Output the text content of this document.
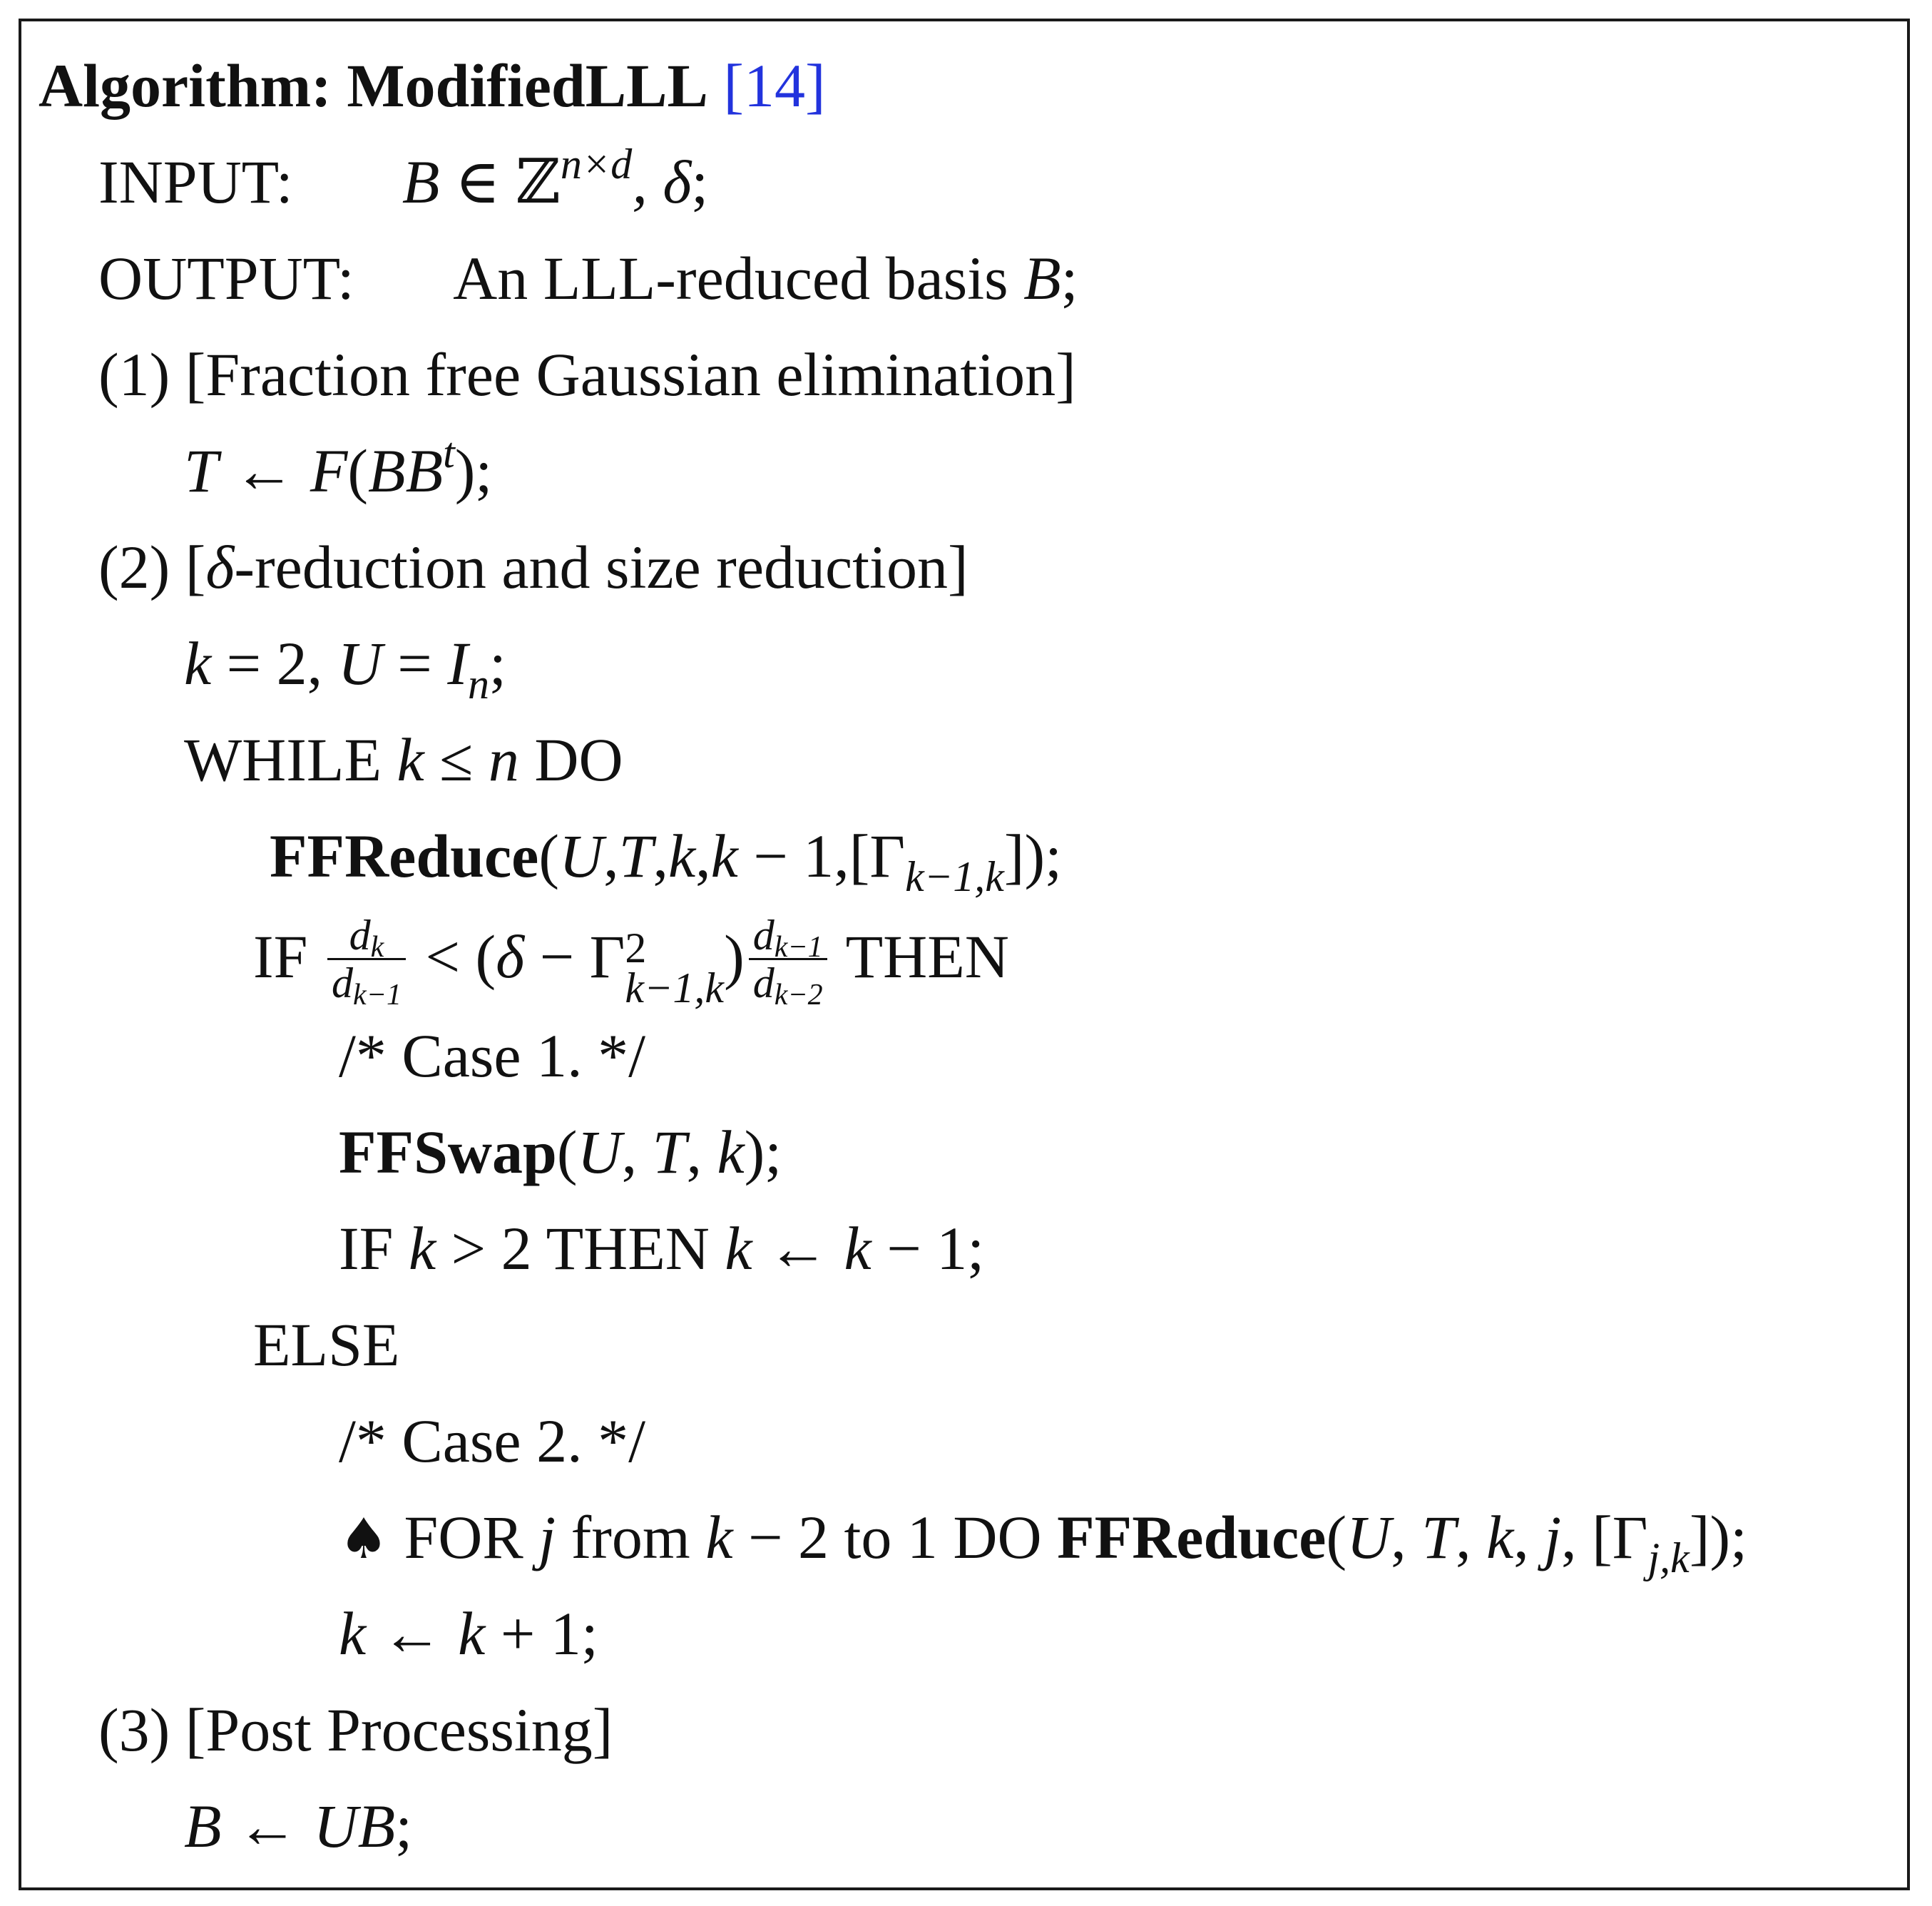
Algorithm: ModifiedLLL [14]
INPUT: B ∈ ℤ$^{n\times d}$, δ;
OUTPUT: An LLL-reduced basis B;
(1) [Fraction free Gaussian elimination]
T ← $F(BB^t)$;
(2) [δ-reduction and size reduction]
k = 2, $U = I_n$;
WHILE k ≤ n DO
FFReduce(U,T,k,k − $1,[\Gamma_{k-1,k}]$);
IF $\frac{d_k}{d_{k-1}} < (\delta - \Gamma$ 2
k−1,k ) $\frac{d_{k-1}}{d_{k-2}}$ THEN
/* Case 1. */
FFSwap(U, T, k);
IF k > 2 THEN k ← k − 1;
ELSE
/* Case 2. */
♠ FOR j from k − 2 to 1 DO FFReduce(U, T, k, j, $[\Gamma_{j,k}]$);
k ← k + 1;
(3) [Post Processing]
B ← UB;
